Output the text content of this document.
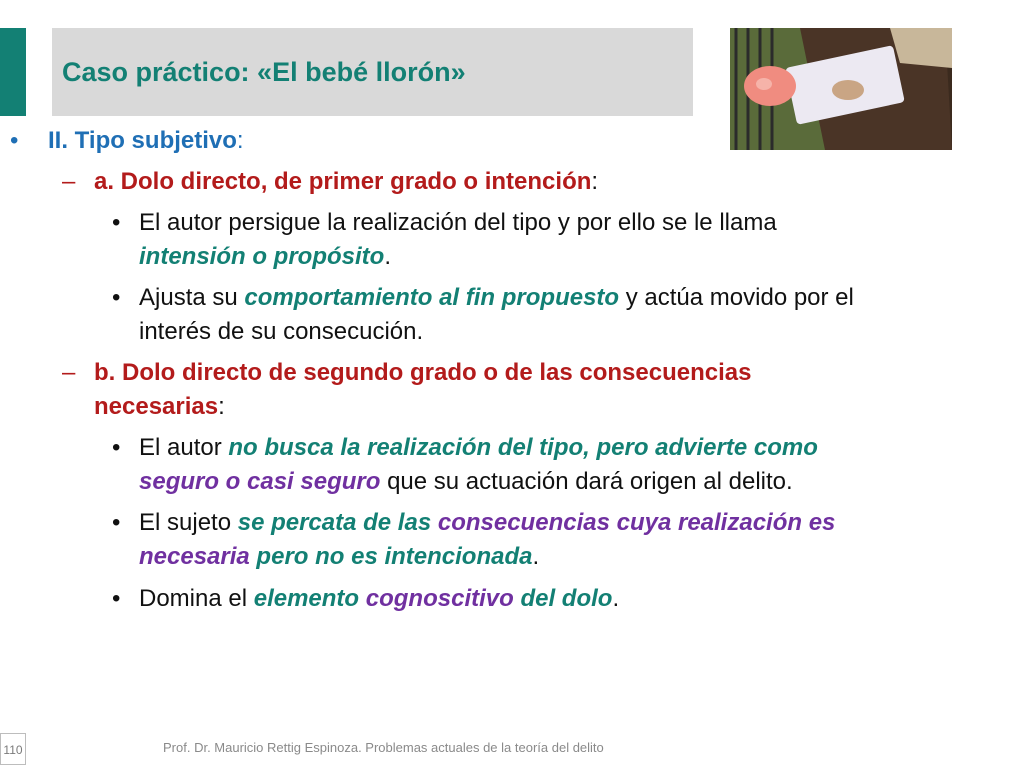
Caso práctico: «El bebé llorón»
• II. Tipo subjetivo:
– a. Dolo directo, de primer grado o intención:
• El autor persigue la realización del tipo y por ello se le llama
intensión o propósito.
• Ajusta su comportamiento al fin propuesto y actúa movido por el
interés de su consecución.
– b. Dolo directo de segundo grado o de las consecuencias
necesarias:
• El autor no busca la realización del tipo, pero advierte como
seguro o casi seguro que su actuación dará origen al delito.
• El sujeto se percata de las consecuencias cuya realización es
necesaria pero no es intencionada.
• Domina el elemento cognoscitivo del dolo.
110	Prof. Dr. Mauricio Rettig Espinoza. Problemas actuales de la teoría del delito
